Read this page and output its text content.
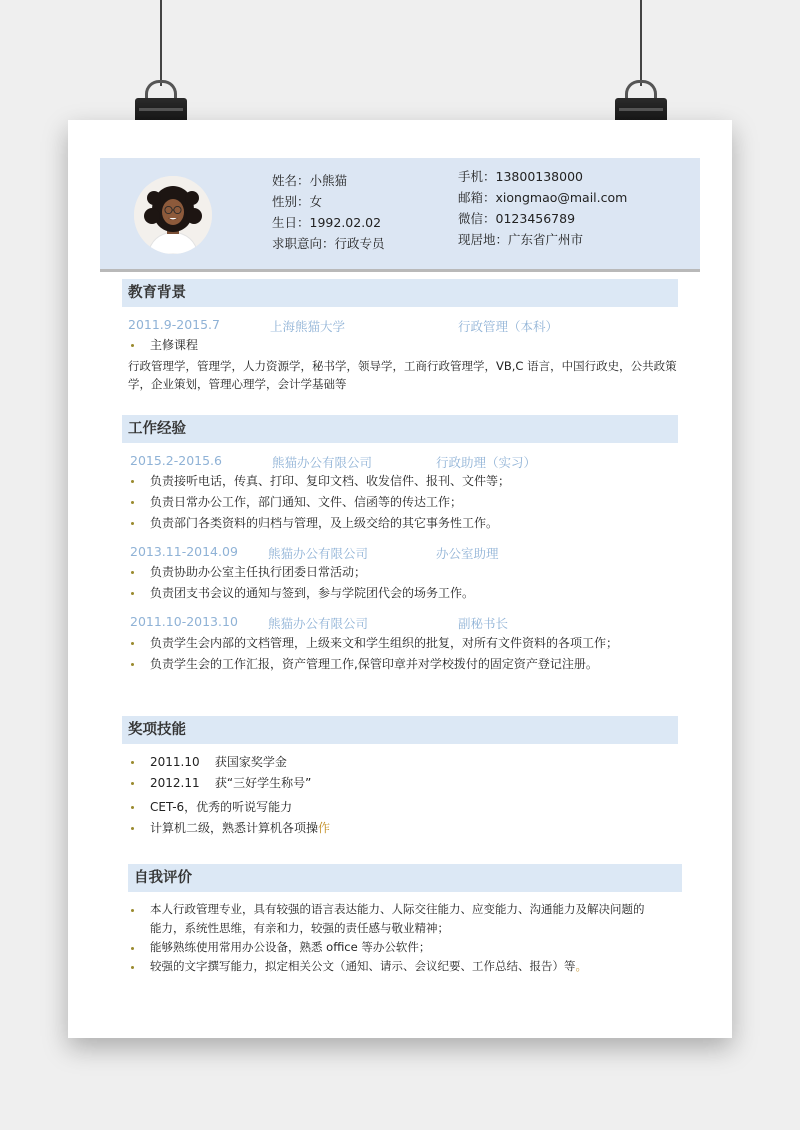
姓名：小熊猫
性别：女
生日：1992.02.02
求职意向：行政专员
手机：13800138000
邮箱：xiongmao@mail.com
微信：0123456789
现居地：广东省广州市
教育背景
2011.9-2015.7	上海熊猫大学	行政管理（本科）
主修课程
行政管理学，管理学，人力资源学，秘书学，领导学，工商行政管理学，VB,C 语言，中国行政史，公共政策学，企业策划，管理心理学，会计学基础等
工作经验
2015.2-2015.6	熊猫办公有限公司	行政助理（实习）
负责接听电话，传真、打印、复印文档、收发信件、报刊、文件等；
负责日常办公工作，部门通知、文件、信函等的传达工作；
负责部门各类资料的归档与管理，及上级交给的其它事务性工作。
2013.11-2014.09 熊猫办公有限公司	办公室助理
负责协助办公室主任执行团委日常活动；
负责团支书会议的通知与签到，参与学院团代会的场务工作。
2011.10-2013.10 熊猫办公有限公司	副秘书长
负责学生会内部的文档管理，上级来文和学生组织的批复，对所有文件资料的各项工作；
负责学生会的工作汇报，资产管理工作,保管印章并对学校拨付的固定资产登记注册。
奖项技能
2011.10    获国家奖学金
2012.11    获“三好学生称号”
CET-6，优秀的听说写能力
计算机二级，熟悉计算机各项操作
自我评价
本人行政管理专业，具有较强的语言表达能力、人际交往能力、应变能力、沟通能力及解决问题的能力，系统性思维，有亲和力，较强的责任感与敬业精神；
能够熟练使用常用办公设备，熟悉 office 等办公软件；
较强的文字撰写能力，拟定相关公文（通知、请示、会议纪要、工作总结、报告）等。
